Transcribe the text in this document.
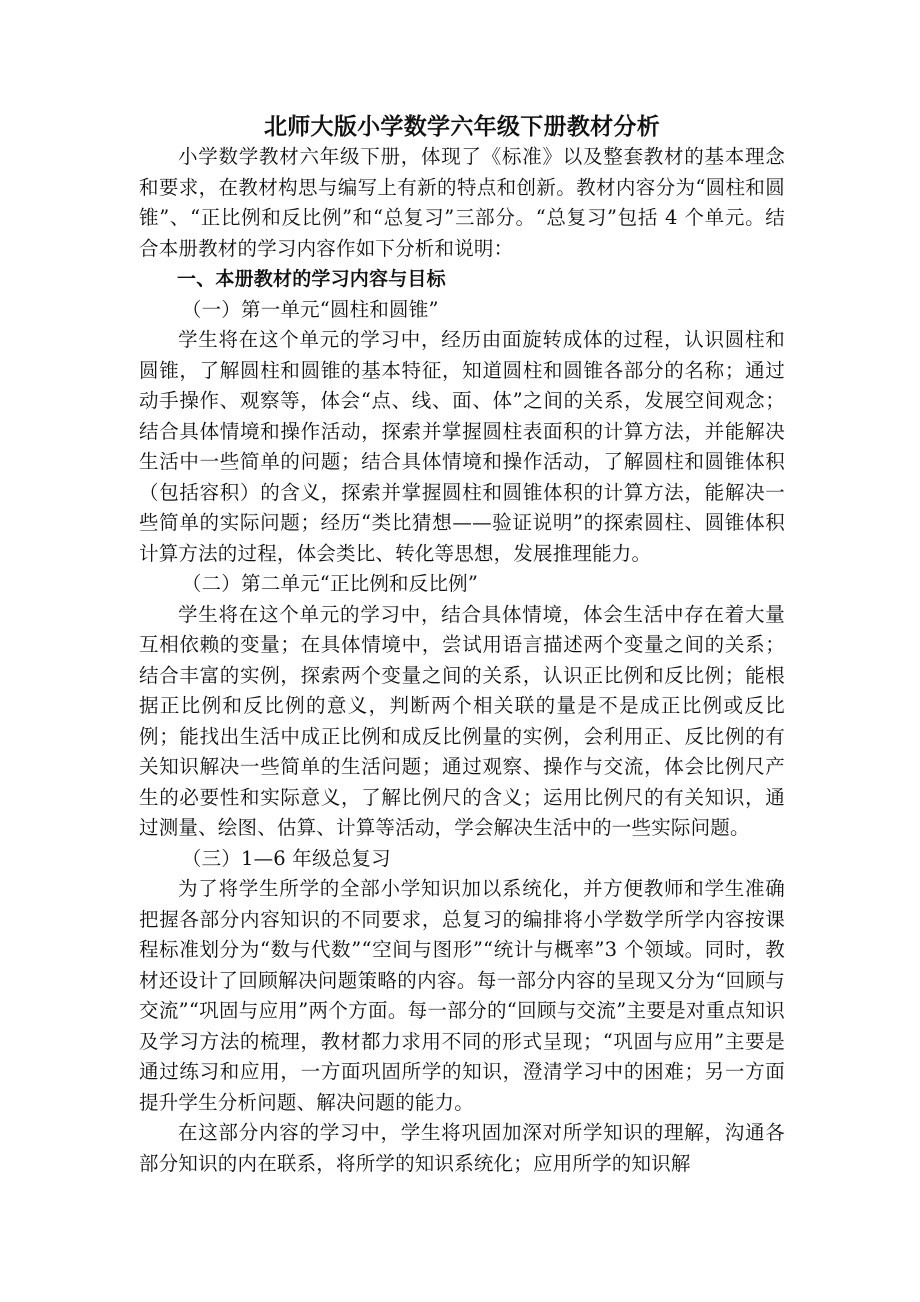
北师大版小学数学六年级下册教材分析

小学数学教材六年级下册，体现了《标准》以及整套教材的基本理念和要求，在教材构思与编写上有新的特点和创新。教材内容分为“圆柱和圆锥”、“正比例和反比例”和“总复习”三部分。“总复习”包括 4 个单元。结合本册教材的学习内容作如下分析和说明：

一、本册教材的学习内容与目标

（一）第一单元“圆柱和圆锥”

学生将在这个单元的学习中，经历由面旋转成体的过程，认识圆柱和圆锥，了解圆柱和圆锥的基本特征，知道圆柱和圆锥各部分的名称；通过动手操作、观察等，体会“点、线、面、体”之间的关系，发展空间观念；结合具体情境和操作活动，探索并掌握圆柱表面积的计算方法，并能解决生活中一些简单的问题；结合具体情境和操作活动，了解圆柱和圆锥体积（包括容积）的含义，探索并掌握圆柱和圆锥体积的计算方法，能解决一些简单的实际问题；经历“类比猜想——验证说明”的探索圆柱、圆锥体积计算方法的过程，体会类比、转化等思想，发展推理能力。

（二）第二单元“正比例和反比例”

学生将在这个单元的学习中，结合具体情境，体会生活中存在着大量互相依赖的变量；在具体情境中，尝试用语言描述两个变量之间的关系；结合丰富的实例，探索两个变量之间的关系，认识正比例和反比例；能根据正比例和反比例的意义，判断两个相关联的量是不是成正比例或反比例；能找出生活中成正比例和成反比例量的实例，会利用正、反比例的有关知识解决一些简单的生活问题；通过观察、操作与交流，体会比例尺产生的必要性和实际意义，了解比例尺的含义；运用比例尺的有关知识，通过测量、绘图、估算、计算等活动，学会解决生活中的一些实际问题。

（三）1—6 年级总复习

为了将学生所学的全部小学知识加以系统化，并方便教师和学生准确把握各部分内容知识的不同要求，总复习的编排将小学数学所学内容按课程标准划分为“数与代数”“空间与图形”“统计与概率”3 个领域。同时，教材还设计了回顾解决问题策略的内容。每一部分内容的呈现又分为“回顾与交流”“巩固与应用”两个方面。每一部分的“回顾与交流”主要是对重点知识及学习方法的梳理，教材都力求用不同的形式呈现；“巩固与应用”主要是通过练习和应用，一方面巩固所学的知识，澄清学习中的困难；另一方面提升学生分析问题、解决问题的能力。

在这部分内容的学习中，学生将巩固加深对所学知识的理解，沟通各部分知识的内在联系，将所学的知识系统化；应用所学的知识解
